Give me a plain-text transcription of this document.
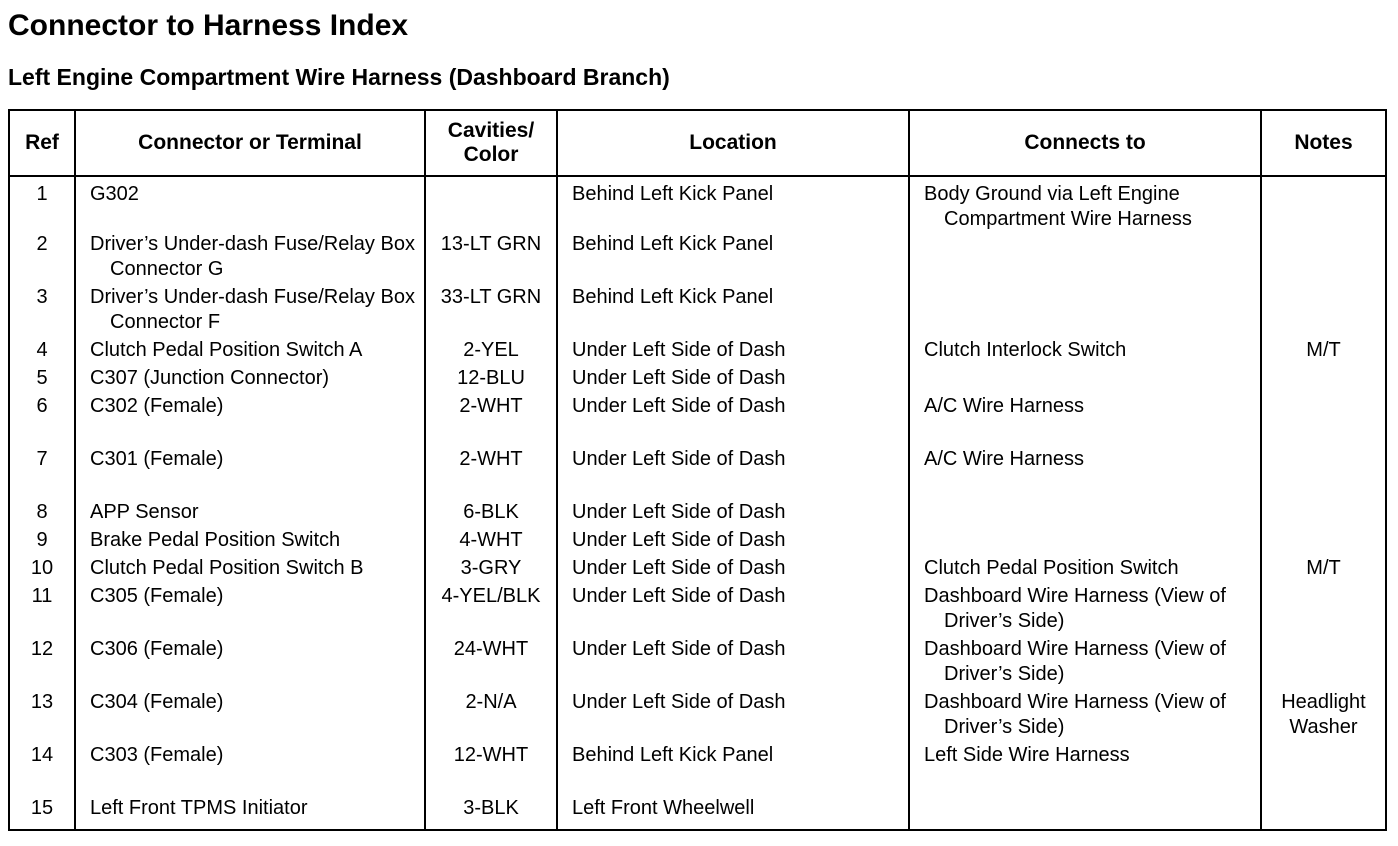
Connector to Harness Index
Left Engine Compartment Wire Harness (Dashboard Branch)
Ref	Connector or Terminal	Cavities/
Color	Location	Connects to	Notes
1	G302		Behind Left Kick Panel	Body Ground via Left Engine Compartment Wire Harness	

2	Driver’s Under-dash Fuse/Relay Box Connector G	13-LT GRN	Behind Left Kick Panel	

3	Driver’s Under-dash Fuse/Relay Box Connector F	33-LT GRN	Behind Left Kick Panel	

4	Clutch Pedal Position Switch A	2-YEL	Under Left Side of Dash	Clutch Interlock Switch	M/T
5	C307 (Junction Connector)	12-BLU	Under Left Side of Dash	

6	C302 (Female)	2-WHT	Under Left Side of Dash	A/C Wire Harness	

7	C301 (Female)	2-WHT	Under Left Side of Dash	A/C Wire Harness	

8	APP Sensor	6-BLK	Under Left Side of Dash	

9	Brake Pedal Position Switch	4-WHT	Under Left Side of Dash	

10	Clutch Pedal Position Switch B	3-GRY	Under Left Side of Dash	Clutch Pedal Position Switch	M/T
11	C305 (Female)	4-YEL/BLK	Under Left Side of Dash	Dashboard Wire Harness (View of Driver’s Side)	

12	C306 (Female)	24-WHT	Under Left Side of Dash	Dashboard Wire Harness (View of Driver’s Side)	

13	C304 (Female)	2-N/A	Under Left Side of Dash	Dashboard Wire Harness (View of Driver’s Side)	Headlight Washer
14	C303 (Female)	12-WHT	Behind Left Kick Panel	Left Side Wire Harness	

15	Left Front TPMS Initiator	3-BLK	Left Front Wheelwell	
